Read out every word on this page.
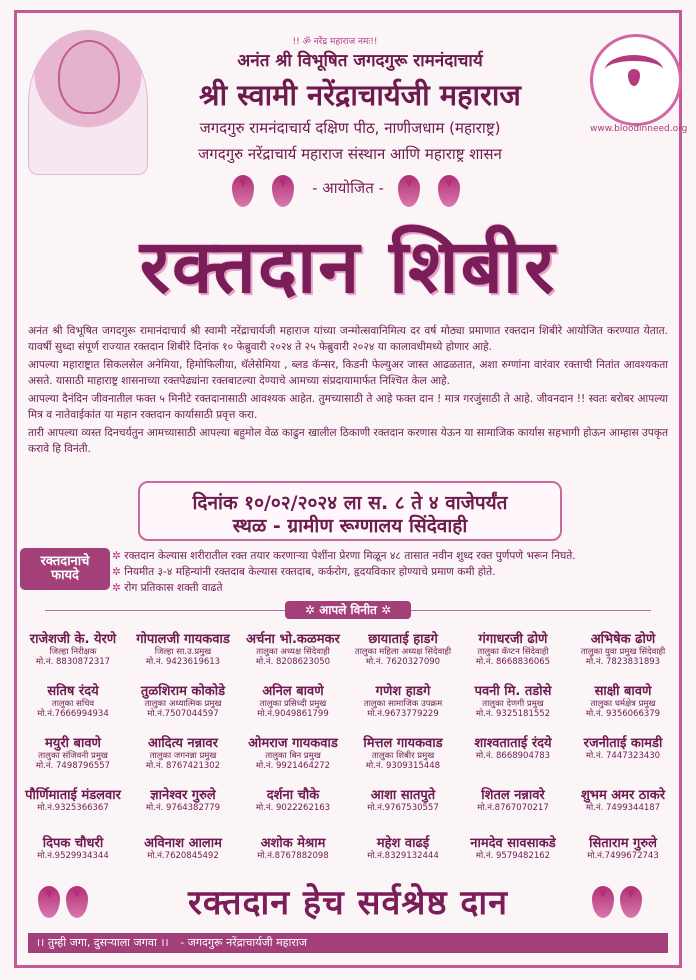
www.bloodinneed.org
!! ॐ नरेंद्र महाराज नमः!!
अनंत श्री विभूषित जगदगुरू रामनंदाचार्य
श्री स्वामी नरेंद्राचार्यजी महाराज
जगदगुरु रामनंदाचार्य दक्षिण पीठ, नाणीजधाम (महाराष्ट्र)
जगदगुरु नरेंद्राचार्य महाराज संस्थान आणि महाराष्ट्र शासन
- आयोजित -
रक्तदान शिबीर
अनंत श्री विभूषित जगदगुरू रामानंदाचार्य श्री स्वामी नरेंद्राचार्यजी महाराज यांच्या जन्मोत्सवानिमित्य दर वर्ष मोठ्या प्रमाणात रक्तदान शिबीरे आयोजित करण्यात येतात. यावर्षी सुध्दा संपूर्ण राज्यात रक्तदान शिबीरे दिनांक १० फेब्रुवारी २०२४ ते २५ फेब्रुवारी २०२४ या कालावधीमध्ये होणार आहे.
आपल्या महाराष्ट्रात सिकलसेल अनेमिया, हिमोफिलीया, थॅलेसेमिया , ब्लड कॅन्सर, किडनी फेल्युअर जास्त आढळतात, अशा रुग्णांना वारंवार रक्ताची नितांत आवश्यकता असते. यासाठी माहाराष्ट्र शासनाच्या रक्तपेढ्यांना रक्तबाटल्या देण्याचे आमच्या संप्रदायामार्फत निश्चित केल आहे.
आपल्या दैनंदिन जीवनातील फक्त ५ मिनीटे रक्तदानासाठी आवश्यक आहेत. तुमच्यासाठी ते आहे फक्त दान ! मात्र गरजुंसाठी ते आहे. जीवनदान !! स्वतः बरोबर आपल्या मित्र व नातेवाईकांत या महान रक्तदान कार्यासाठी प्रवृत्त करा.
तारी आपल्या व्यस्त दिनचर्यतुन आमच्यासाठी आपल्या बहुमोल वेळ काढुन खालील ठिकाणी रक्तदान करणास येऊन या सामाजिक कार्यास सहभागी होऊन आम्हास उपकृत करावे हि विनंती.
दिनांक १०/०२/२०२४ ला स. ८ ते ४ वाजेपर्यंत
स्थळ - ग्रामीण रूग्णालय सिंदेवाही
रक्तदानाचे
फायदे
✲ रक्तदान केल्यास शरीरातील रक्त तयार करणाऱ्या पेशींना प्रेरणा मिळून ४८ तासात नवीन शुध्द रक्त पुर्णपणे भरून निघते.
✲ नियमीत ३-४ महिन्यांनी रक्तदाब केल्यास रक्तदाब, कर्करोग, हृदयविकार होण्याचे प्रमाण कमी होते.
✲ रोग प्रतिकास शक्ती वाढते
✲ आपले विनीत ✲
राजेशजी के. येरणे
जिल्हा निरीक्षक
मो.नं. 8830872317
गोपालजी गायकवाड
जिल्हा सा.उ.प्रमुख
मो.नं. 9423619613
अर्चना भो.कळमकर
तालुका अध्यक्ष सिंदेवाही
मो.नं. 8208623050
छायाताई हाडगे
तालुका महिला अध्यक्ष सिंदेवाही
मो.नं. 7620327090
गंगाधरजी ढोणे
तालुका कॅप्टन सिंदेवाही
मो.नं. 8668836065
अभिषेक ढोणे
तालुका युवा प्रमुख सिंदेवाही
मो.नं. 7823831893
सतिष रंदये
तालुका सचिव
मो.नं.7666994934
तुळशिराम कोकोडे
तालुका अध्यात्मिक प्रमुख
मो.नं.7507044597
अनिल बावणे
तालुका प्रसिध्दी प्रमुख
मो.नं.9049861799
गणेश हाडगे
तालुका सामाजिक उपक्रम
मो.नं.9673779229
पवनी मि. तडोसे
तालुका देणगी प्रमुख
मो.नं. 9325181552
साक्षी बावणे
तालुका धर्मक्षेत्र प्रमुख
मो.नं. 9356066379
मयुरी बावणे
तालुका संजिवनी प्रमुख
मो.नं. 7498796557
आदित्य नन्नावर
तालुका जगनन्ना प्रमुख
मो.नं. 8767421302
ओमराज गायकवाड
तालुका बिन प्रमुख
मो.नं. 9921464272
मित्तल गायकवाड
तालुका शिबीर प्रमुख
मो.नं. 9309315448
शाश्वताताई रंदये
मो.नं. 8668904783
रजनीताई कामडी
मो.नं. 7447323430
पौर्णिमाताई मंडलवार
मो.नं.9325366367
ज्ञानेश्वर गुरुले
मो.नं. 9764382779
दर्शना चौके
मो.नं. 9022262163
आशा सातपुते
मो.नं.9767530557
शितल नन्नावरे
मो.नं.8767070217
शुभम अमर ठाकरे
मो.नं. 7499344187
दिपक चौधरी
मो.नं.9529934344
अविनाश आलाम
मो.नं.7620845492
अशोक मेश्राम
मो.नं.8767882098
महेश वाढई
मो.नं.8329132444
नामदेव सावसाकडे
मो.नं. 9579482162
सिताराम गुरुले
मो.नं.7499672743
रक्तदान हेच सर्वश्रेष्ठ दान
।। तुम्ही जगा, दुसऱ्याला जगवा ।। - जगदगुरू नरेंद्राचार्यजी महाराज
